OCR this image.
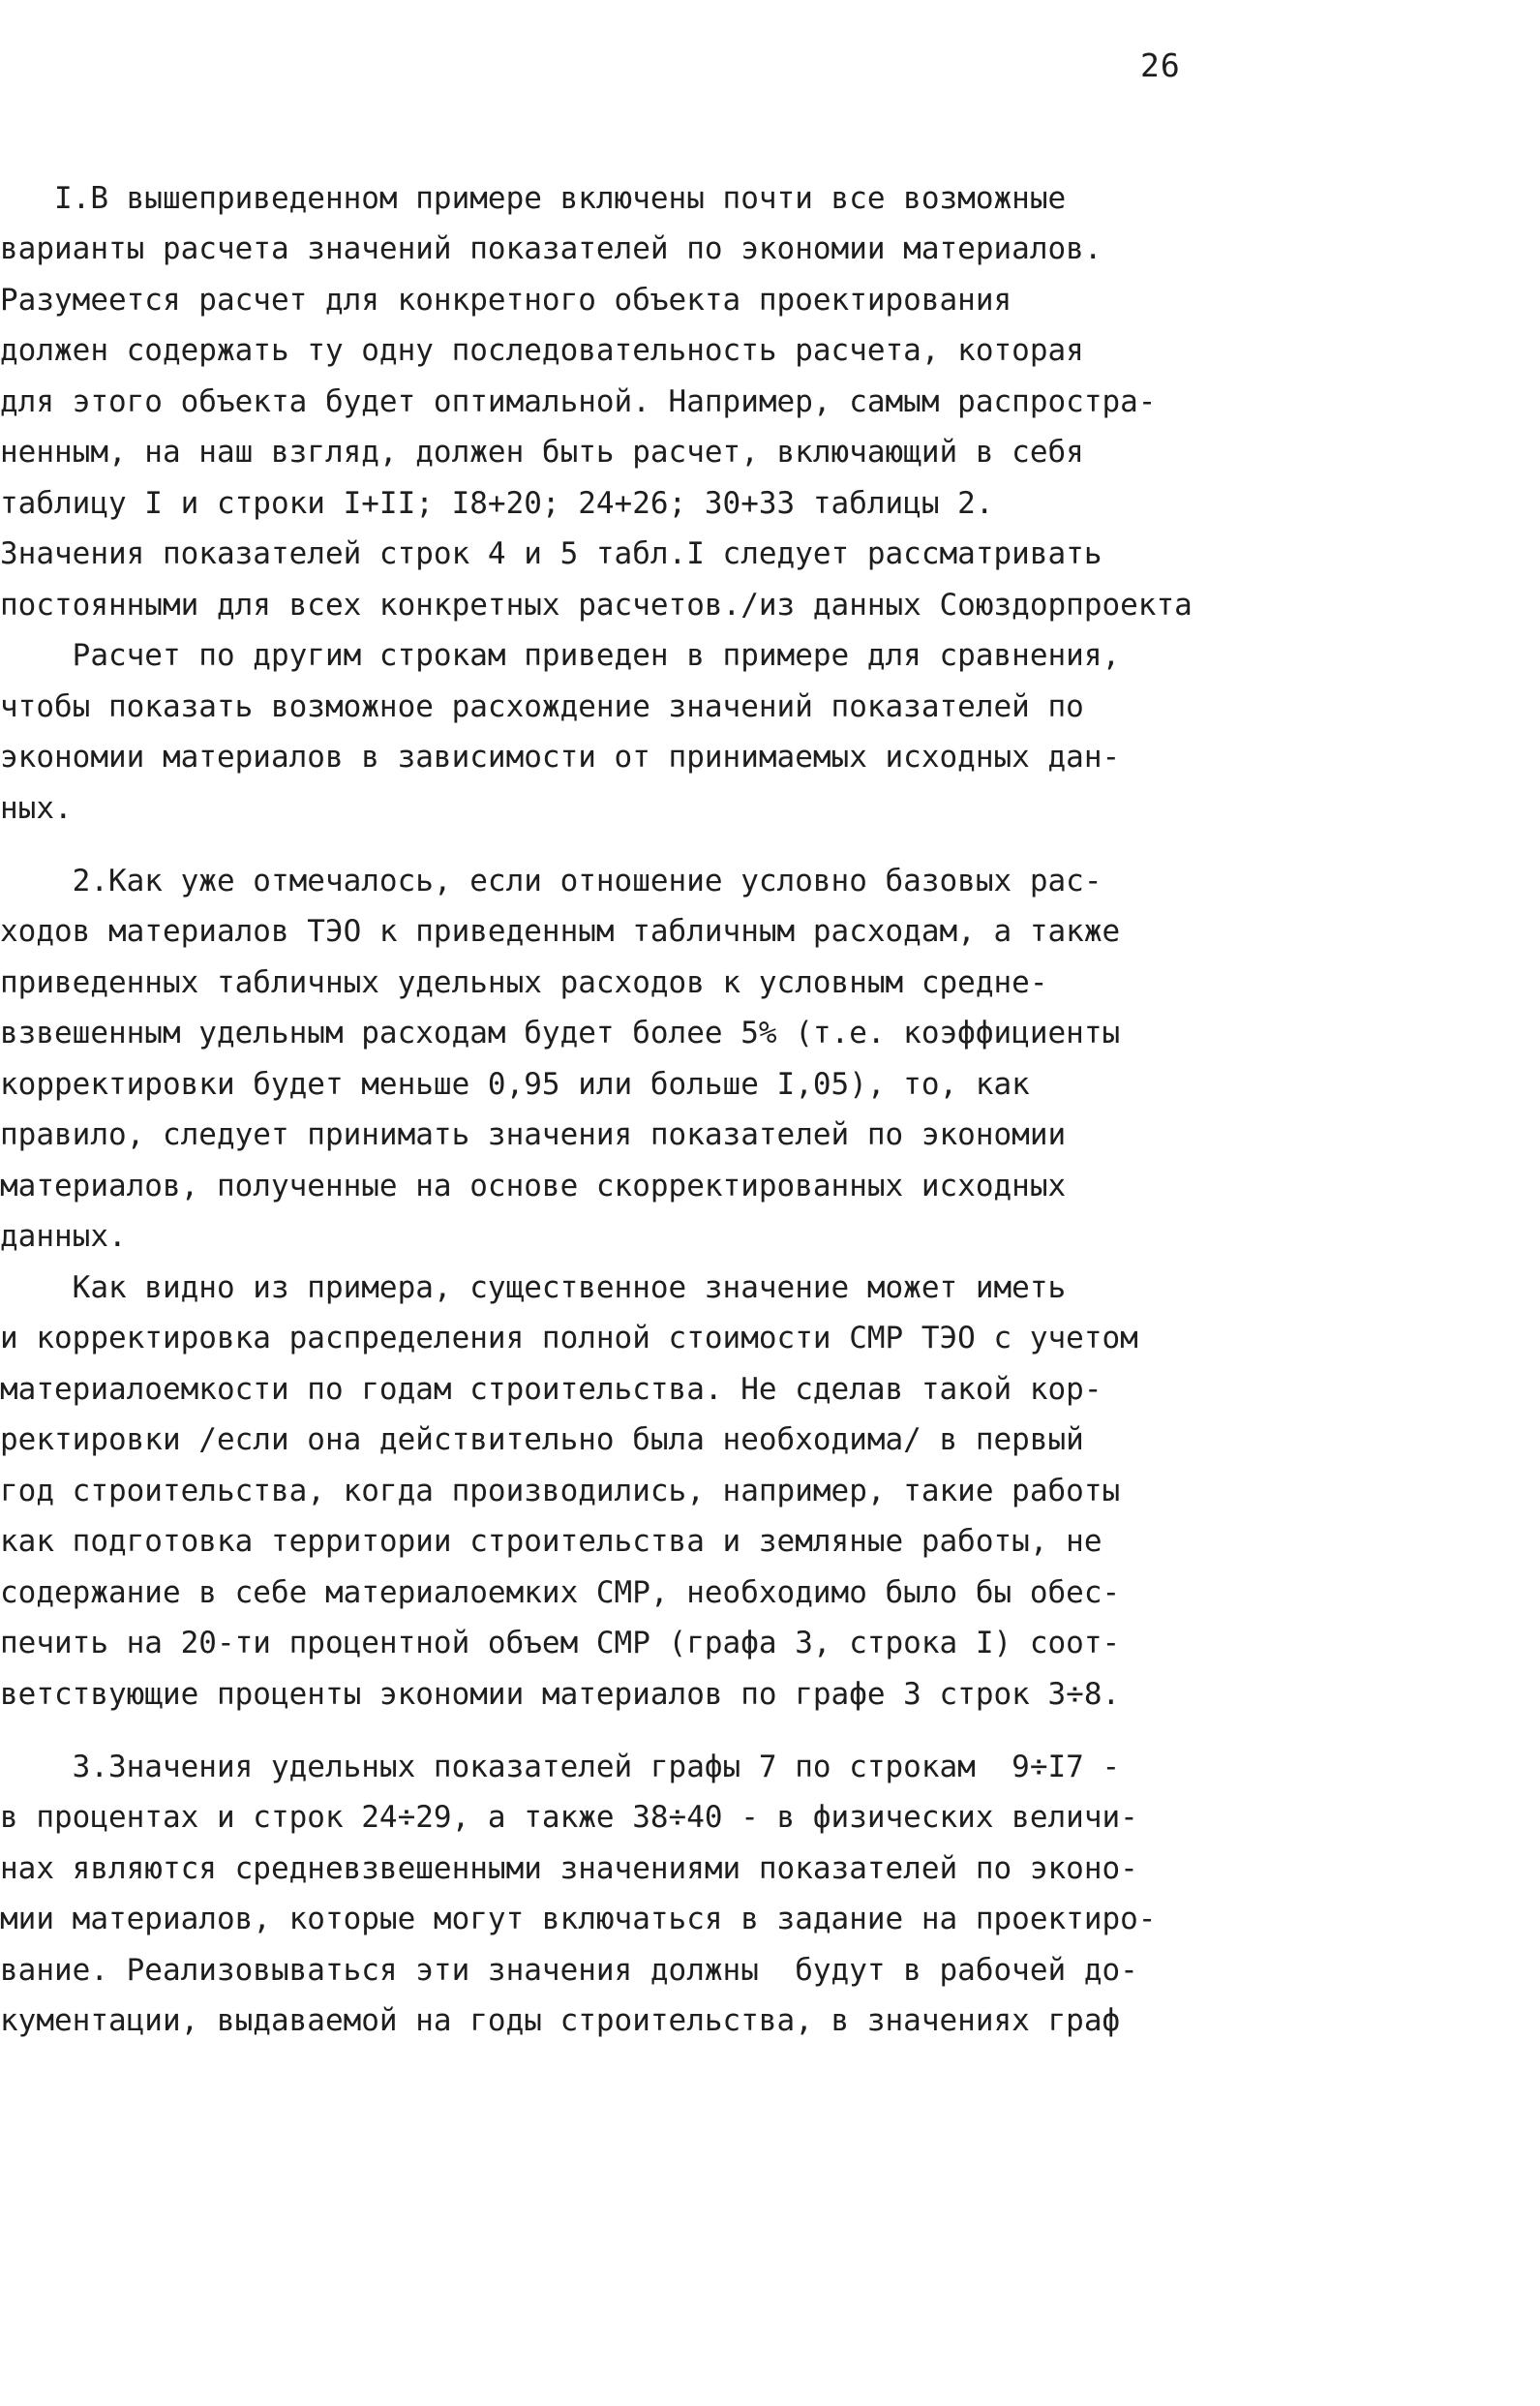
26
I.В вышеприведенном примере включены почти все возможные
варианты расчета значений показателей по экономии материалов.
Разумеется расчет для конкретного объекта проектирования
должен содержать ту одну последовательность расчета, которая
для этого объекта будет оптимальной. Например, самым распростра-
ненным, на наш взгляд, должен быть расчет, включающий в себя
таблицу I и строки I+II; I8+20; 24+26; 30+33 таблицы 2.
Значения показателей строк 4 и 5 табл.I следует рассматривать
постоянными для всех конкретных расчетов./из данных Союздорпроекта
Расчет по другим строкам приведен в примере для сравнения,
чтобы показать возможное расхождение значений показателей по
экономии материалов в зависимости от принимаемых исходных дан-
ных.
2.Как уже отмечалось, если отношение условно базовых рас-
ходов материалов ТЭО к приведенным табличным расходам, а также
приведенных табличных удельных расходов к условным средне-
взвешенным удельным расходам будет более 5% (т.е. коэффициенты
корректировки будет меньше 0,95 или больше I,05), то, как
правило, следует принимать значения показателей по экономии
материалов, полученные на основе скорректированных исходных
данных.
Как видно из примера, существенное значение может иметь
и корректировка распределения полной стоимости СМР ТЭО с учетом
материалоемкости по годам строительства. Не сделав такой кор-
ректировки /если она действительно была необходима/ в первый
год строительства, когда производились, например, такие работы
как подготовка территории строительства и земляные работы, не
содержание в себе материалоемких СМР, необходимо было бы обес-
печить на 20-ти процентной объем СМР (графа 3, строка I) соот-
ветствующие проценты экономии материалов по графе 3 строк 3÷8.
3.Значения удельных показателей графы 7 по строкам  9÷I7 -
в процентах и строк 24÷29, а также 38÷40 - в физических величи-
нах являются средневзвешенными значениями показателей по эконо-
мии материалов, которые могут включаться в задание на проектиро-
вание. Реализовываться эти значения должны  будут в рабочей до-
кументации, выдаваемой на годы строительства, в значениях граф
